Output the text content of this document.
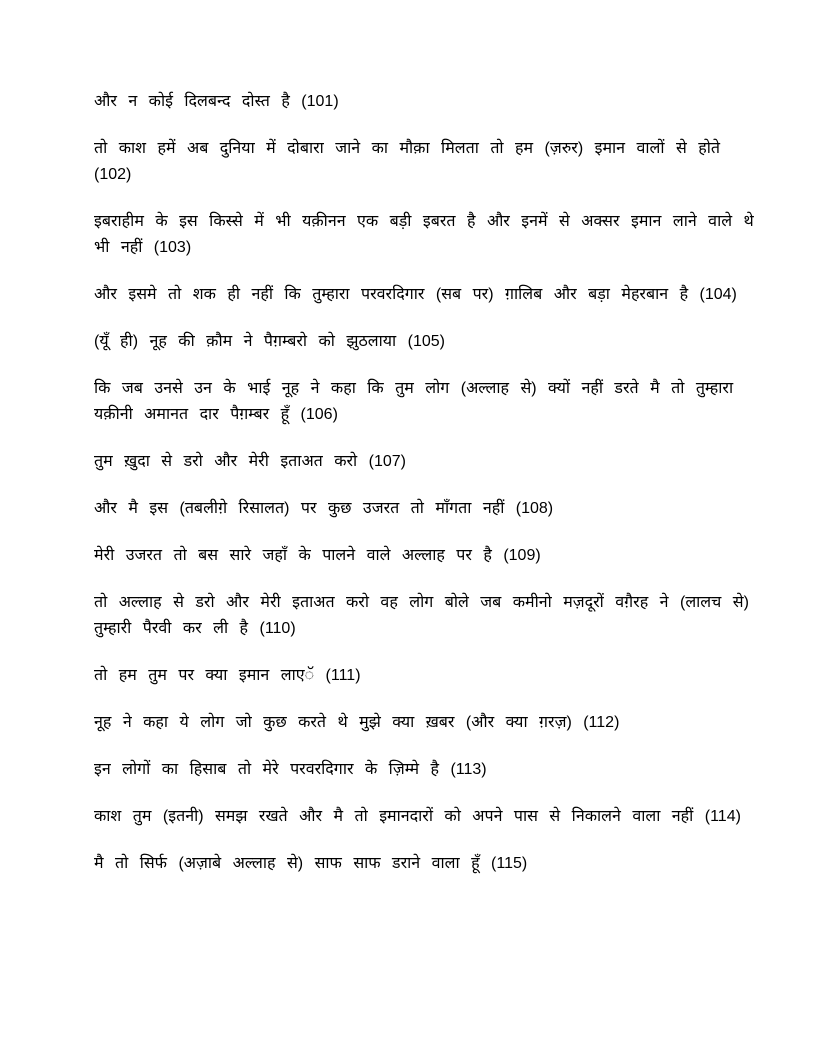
और न कोई दिलबन्द दोस्त है (101)

तो काश हमें अब दुनिया में दोबारा जाने का मौक़ा मिलता तो हम (ज़रुर) इमान वालों से होते
(102)

इबराहीम के इस किस्से में भी यक़ीनन एक बड़ी इबरत है और इनमें से अक्सर इमान लाने वाले थे
भी नहीं (103)

और इसमे तो शक ही नहीं कि तुम्हारा परवरदिगार (सब पर) ग़ालिब और बड़ा मेहरबान है (104)

(यूँ ही) नूह की क़ौम ने पैग़म्बरो को झुठलाया (105)

कि जब उनसे उन के भाई नूह ने कहा कि तुम लोग (अल्लाह से) क्यों नहीं डरते मै तो तुम्हारा
यक़ीनी अमानत दार पैग़म्बर हूँ (106)

तुम ख़ुदा से डरो और मेरी इताअत करो (107)

और मै इस (तबलीग़े रिसालत) पर कुछ उजरत तो माँगता नहीं (108)

मेरी उजरत तो बस सारे जहाँ के पालने वाले अल्लाह पर है (109)

तो अल्लाह से डरो और मेरी इताअत करो वह लोग बोले जब कमीनो मज़दूरों वग़ैरह ने (लालच से)
तुम्हारी पैरवी कर ली है (110)

तो हम तुम पर क्या इमान लाएॅ (111)

नूह ने कहा ये लोग जो कुछ करते थे मुझे क्या ख़बर (और क्या ग़रज़) (112)

इन लोगों का हिसाब तो मेरे परवरदिगार के ज़िम्मे है (113)

काश तुम (इतनी) समझ रखते और मै तो इमानदारों को अपने पास से निकालने वाला नहीं (114)

मै तो सिर्फ (अज़ाबे अल्लाह से) साफ साफ डराने वाला हूँ (115)
